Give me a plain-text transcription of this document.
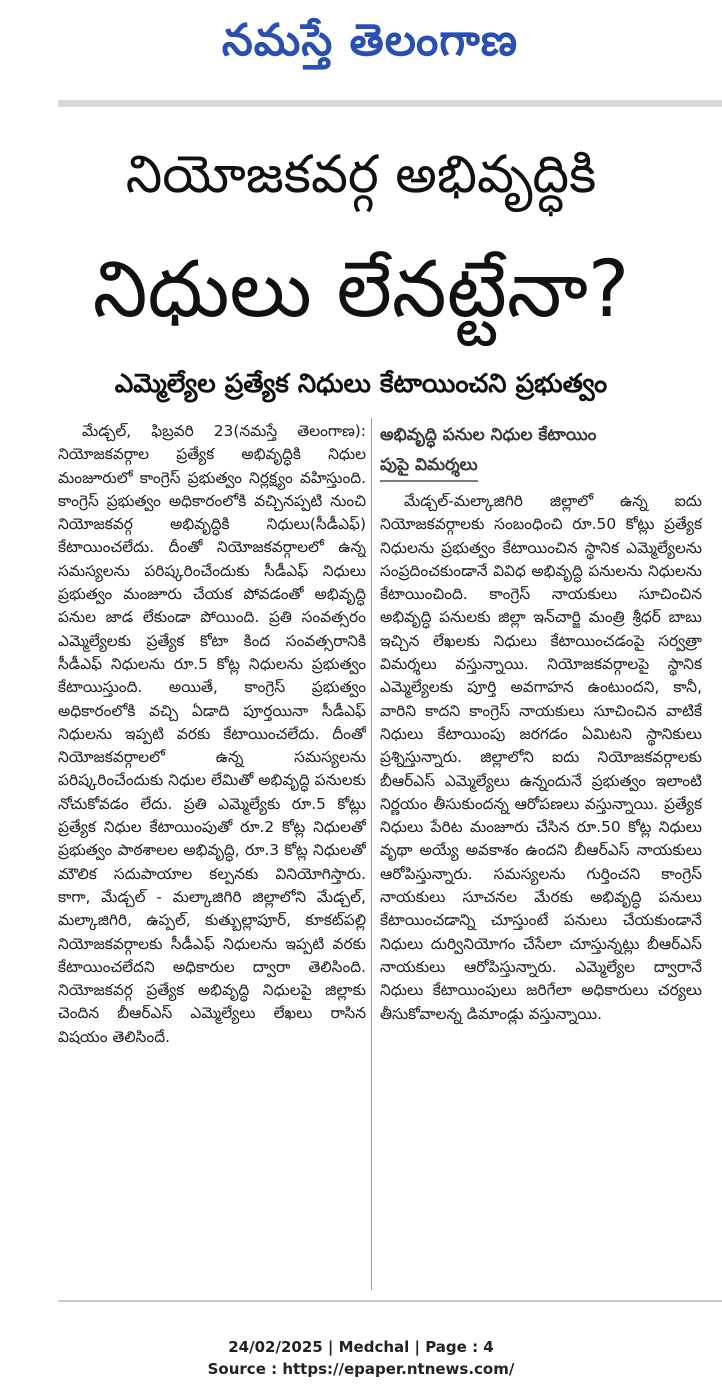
నమస్తే తెలంగాణ
నియోజకవర్గ అభివృద్ధికి
నిధులు లేనట్టేనా?
ఎమ్మెల్యేల ప్రత్యేక నిధులు కేటాయించని ప్రభుత్వం

మేడ్చల్, ఫిబ్రవరి 23(నమస్తే తెలంగాణ): నియోజకవర్గాల ప్రత్యేక అభివృద్ధికి నిధుల మంజూరులో కాంగ్రెస్ ప్రభుత్వం నిర్లక్ష్యం వహిస్తుంది. కాంగ్రెస్ ప్రభుత్వం అధికారంలోకి వచ్చినప్పటి నుంచి నియోజకవర్గ అభివృద్ధికి నిధులు(సీడీఎఫ్) కేటాయించలేదు. దీంతో నియోజకవర్గాలలో ఉన్న సమస్యలను పరిష్కరించేందుకు సీడీఎఫ్ నిధులు ప్రభుత్వం మంజూరు చేయక పోవడంతో అభివృద్ధి పనుల జాడ లేకుండా పోయింది. ప్రతి సంవత్సరం ఎమ్మెల్యేలకు ప్రత్యేక కోటా కింద సంవత్సరానికి సీడీఎఫ్ నిధులను రూ.5 కోట్ల నిధులను ప్రభుత్వం కేటాయిస్తుంది. అయితే, కాంగ్రెస్ ప్రభుత్వం అధికారంలోకి వచ్చి ఏడాది పూర్తయినా సీడీఎఫ్ నిధులను ఇప్పటి వరకు కేటాయించలేదు. దీంతో నియోజకవర్గాలలో ఉన్న సమస్యలను పరిష్కరించేందుకు నిధుల లేమితో అభివృద్ధి పనులకు నోచుకోవడం లేదు. ప్రతి ఎమ్మెల్యేకు రూ.5 కోట్లు ప్రత్యేక నిధుల కేటాయింపుతో రూ.2 కోట్ల నిధులతో ప్రభుత్వం పాఠశాలల అభివృద్ధి, రూ.3 కోట్ల నిధులతో మౌలిక సదుపాయాల కల్పనకు వినియోగిస్తారు. కాగా, మేడ్చల్ - మల్కాజిగిరి జిల్లాలోని మేడ్చల్, మల్కాజిగిరి, ఉప్పల్, కుత్బుల్లాపూర్, కూకట్‌పల్లి నియోజకవర్గాలకు సీడీఎఫ్ నిధులను ఇప్పటి వరకు కేటాయించలేదని అధికారుల ద్వారా తెలిసింది. నియోజకవర్గ ప్రత్యేక అభివృద్ధి నిధులపై జిల్లాకు చెందిన బీఆర్ఎస్ ఎమ్మెల్యేలు లేఖలు రాసిన విషయం తెలిసిందే.

అభివృద్ధి పనుల నిధుల కేటాయిం
పుపై విమర్శలు

మేడ్చల్-మల్కాజిగిరి జిల్లాలో ఉన్న ఐదు నియోజకవర్గాలకు సంబంధించి రూ.50 కోట్లు ప్రత్యేక నిధులను ప్రభుత్వం కేటాయించిన స్థానిక ఎమ్మెల్యేలను సంప్రదించకుండానే వివిధ అభివృద్ధి పనులను నిధులను కేటాయించింది. కాంగ్రెస్ నాయకులు సూచించిన అభివృద్ధి పనులకు జిల్లా ఇన్‌చార్జి మంత్రి శ్రీధర్ బాబు ఇచ్చిన లేఖలకు నిధులు కేటాయించడంపై సర్వత్రా విమర్శలు వస్తున్నాయి. నియోజకవర్గాలపై స్థానిక ఎమ్మెల్యేలకు పూర్తి అవగాహన ఉంటుందని, కానీ, వారిని కాదని కాంగ్రెస్ నాయకులు సూచించిన వాటికే నిధులు కేటాయింపు జరగడం ఏమిటని స్థానికులు ప్రశ్నిస్తున్నారు. జిల్లాలోని ఐదు నియోజకవర్గాలకు బీఆర్ఎస్ ఎమ్మెల్యేలు ఉన్నందునే ప్రభుత్వం ఇలాంటి నిర్ణయం తీసుకుందన్న ఆరోపణలు వస్తున్నాయి. ప్రత్యేక నిధులు పేరిట మంజూరు చేసిన రూ.50 కోట్ల నిధులు వృథా అయ్యే అవకాశం ఉందని బీఆర్ఎస్ నాయకులు ఆరోపిస్తున్నారు. సమస్యలను గుర్తించని కాంగ్రెస్ నాయకులు సూచనల మేరకు అభివృద్ధి పనులు కేటాయించడాన్ని చూస్తుంటే పనులు చేయకుండానే నిధులు దుర్వినియోగం చేసేలా చూస్తున్నట్లు బీఆర్ఎస్ నాయకులు ఆరోపిస్తున్నారు. ఎమ్మెల్యేల ద్వారానే నిధులు కేటాయింపులు జరిగేలా అధికారులు చర్యలు తీసుకోవాలన్న డిమాండ్లు వస్తున్నాయి.

24/02/2025 | Medchal | Page : 4
Source : https://epaper.ntnews.com/
